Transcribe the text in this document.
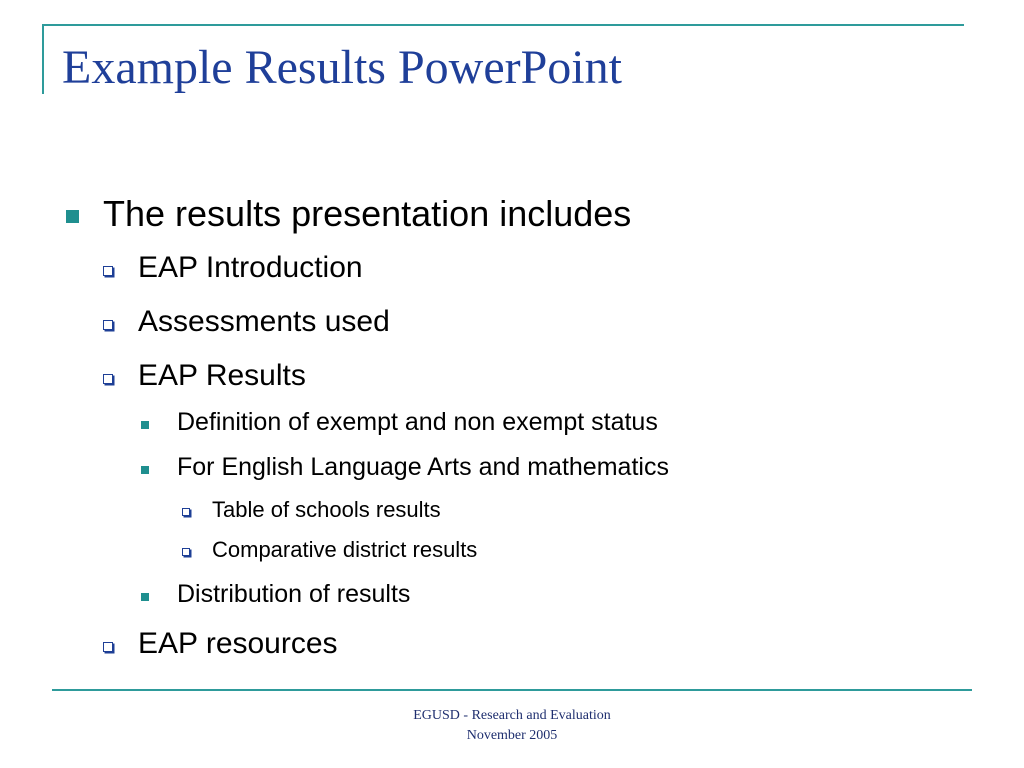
Example Results PowerPoint
The results presentation includes
EAP Introduction
Assessments used
EAP Results
Definition of exempt and non exempt status
For English Language Arts and mathematics
Table of schools results
Comparative district results
Distribution of results
EAP resources
EGUSD - Research and Evaluation
November 2005
